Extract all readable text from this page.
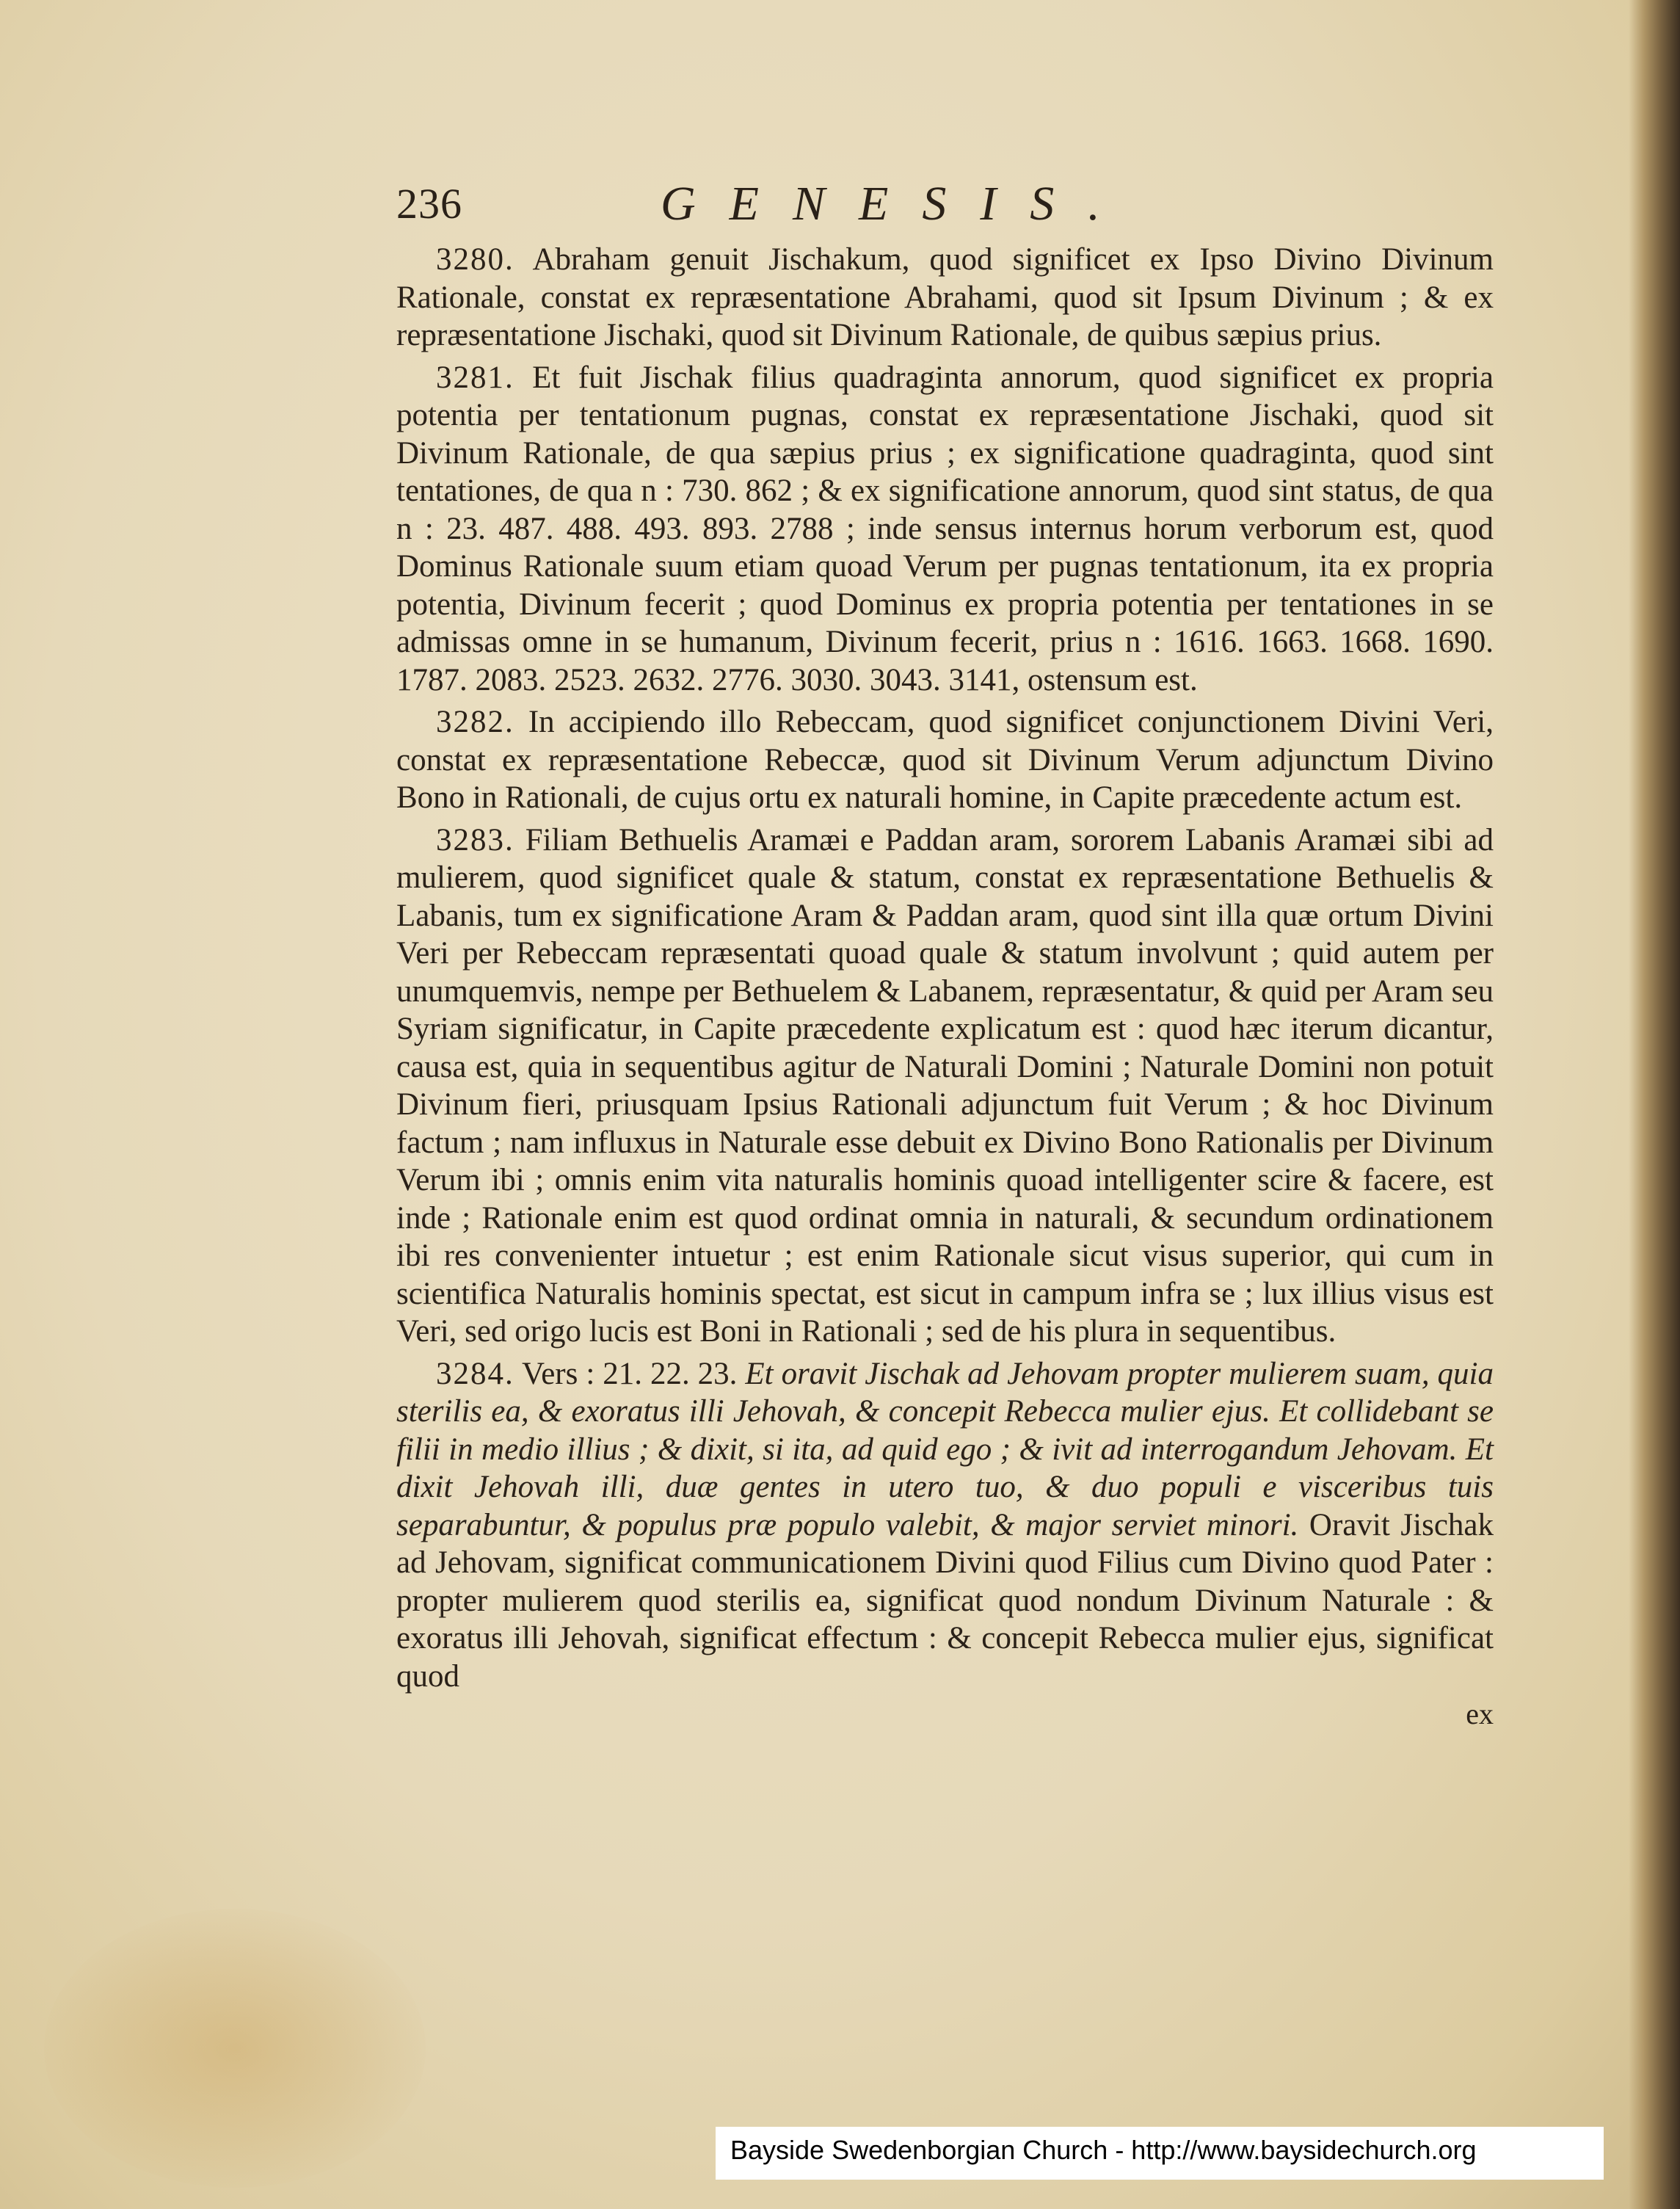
236	GENESIS.

3280. Abraham genuit Jischakum, quod significet ex Ipso Divino Divinum Rationale, constat ex repræsentatione Abrahami, quod sit Ipsum Divinum ; & ex repræsentatione Jischaki, quod sit Divinum Rationale, de quibus sæpius prius.

3281. Et fuit Jischak filius quadraginta annorum, quod significet ex propria potentia per tentationum pugnas, constat ex repræsentatione Jischaki, quod sit Divinum Rationale, de qua sæpius prius ; ex significatione quadraginta, quod sint tentationes, de qua n : 730. 862 ; & ex significatione annorum, quod sint status, de qua n : 23. 487. 488. 493. 893. 2788 ; inde sensus internus horum verborum est, quod Dominus Rationale suum etiam quoad Verum per pugnas tentationum, ita ex propria potentia, Divinum fecerit ; quod Dominus ex propria potentia per tentationes in se admissas omne in se humanum, Divinum fecerit, prius n : 1616. 1663. 1668. 1690. 1787. 2083. 2523. 2632. 2776. 3030. 3043. 3141, ostensum est.

3282. In accipiendo illo Rebeccam, quod significet conjunctionem Divini Veri, constat ex repræsentatione Rebeccæ, quod sit Divinum Verum adjunctum Divino Bono in Rationali, de cujus ortu ex naturali homine, in Capite præcedente actum est.

3283. Filiam Bethuelis Aramæi e Paddan aram, sororem Labanis Aramæi sibi ad mulierem, quod significet quale & statum, constat ex repræsentatione Bethuelis & Labanis, tum ex significatione Aram & Paddan aram, quod sint illa quæ ortum Divini Veri per Rebeccam repræsentati quoad quale & statum involvunt ; quid autem per unumquemvis, nempe per Bethuelem & Labanem, repræsentatur, & quid per Aram seu Syriam significatur, in Capite præcedente explicatum est : quod hæc iterum dicantur, causa est, quia in sequentibus agitur de Naturali Domini ; Naturale Domini non potuit Divinum fieri, priusquam Ipsius Rationali adjunctum fuit Verum ; & hoc Divinum factum ; nam influxus in Naturale esse debuit ex Divino Bono Rationalis per Divinum Verum ibi ; omnis enim vita naturalis hominis quoad intelligenter scire & facere, est inde ; Rationale enim est quod ordinat omnia in naturali, & secundum ordinationem ibi res convenienter intuetur ; est enim Rationale sicut visus superior, qui cum in scientifica Naturalis hominis spectat, est sicut in campum infra se ; lux illius visus est Veri, sed origo lucis est Boni in Rationali ; sed de his plura in sequentibus.

3284. Vers : 21. 22. 23. Et oravit Jischak ad Jehovam propter mulierem suam, quia sterilis ea, & exoratus illi Jehovah, & concepit Rebecca mulier ejus. Et collidebant se filii in medio illius ; & dixit, si ita, ad quid ego ; & ivit ad interrogandum Jehovam. Et dixit Jehovah illi, duæ gentes in utero tuo, & duo populi e visceribus tuis separabuntur, & populus præ populo valebit, & major serviet minori. Oravit Jischak ad Jehovam, significat communicationem Divini quod Filius cum Divino quod Pater : propter mulierem quod sterilis ea, significat quod nondum Divinum Naturale : & exoratus illi Jehovah, significat effectum : & concepit Rebecca mulier ejus, significat quod

ex
Bayside Swedenborgian Church - http://www.baysidechurch.org
